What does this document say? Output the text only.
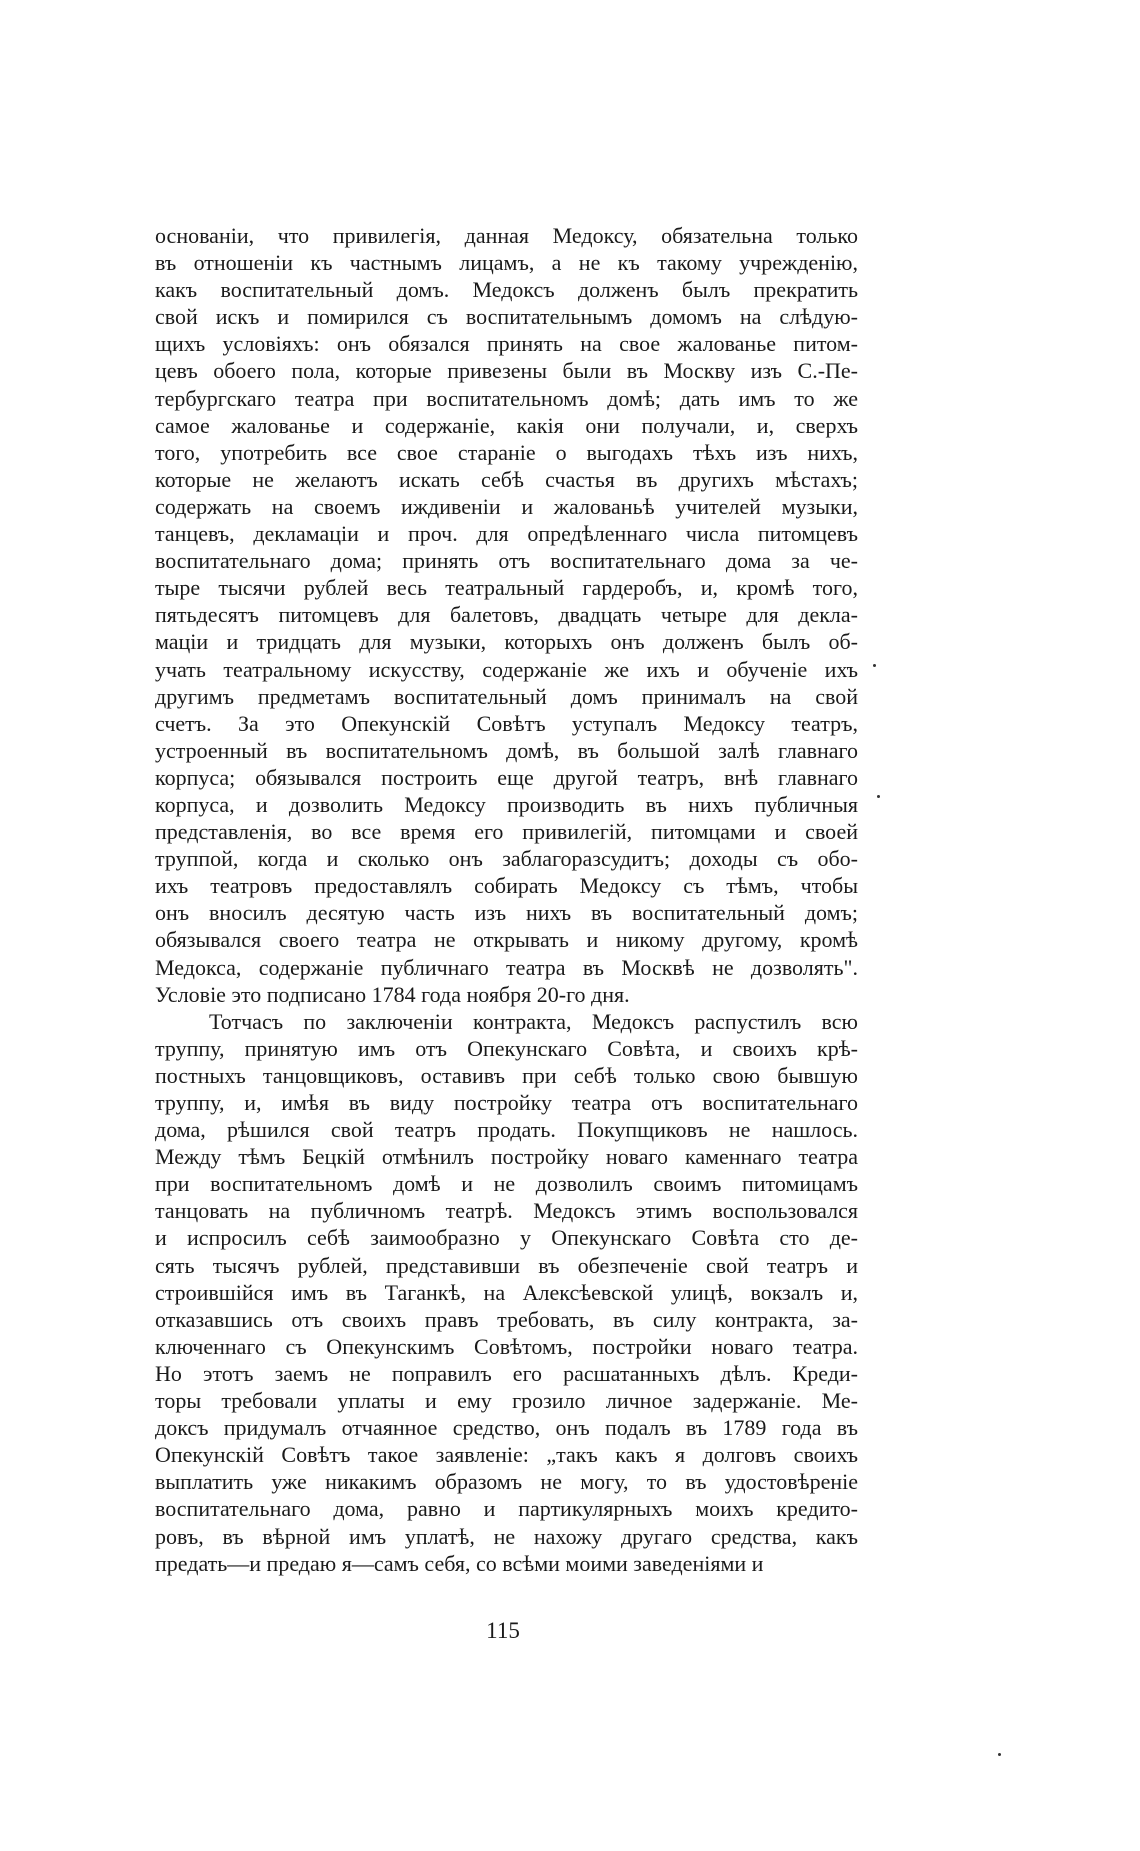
основаніи, что привилегія, данная Медоксу, обязательна только
въ отношеніи къ частнымъ лицамъ, а не къ такому учрежденію,
какъ воспитательный домъ. Медоксъ долженъ былъ прекратить
свой искъ и помирился съ воспитательнымъ домомъ на слѣдую-
щихъ условіяхъ: онъ обязался принять на свое жалованье питом-
цевъ обоего пола, которые привезены были въ Москву изъ С.-Пе-
тербургскаго театра при воспитательномъ домѣ; дать имъ то же
самое жалованье и содержаніе, какія они получали, и, сверхъ
того, употребить все свое стараніе о выгодахъ тѣхъ изъ нихъ,
которые не желаютъ искать себѣ счастья въ другихъ мѣстахъ;
содержать на своемъ иждивеніи и жалованьѣ учителей музыки,
танцевъ, декламаціи и проч. для опредѣленнаго числа питомцевъ
воспитательнаго дома; принять отъ воспитательнаго дома за че-
тыре тысячи рублей весь театральный гардеробъ, и, кромѣ того,
пятьдесятъ питомцевъ для балетовъ, двадцать четыре для декла-
маціи и тридцать для музыки, которыхъ онъ долженъ былъ об-
учать театральному искусству, содержаніе же ихъ и обученіе ихъ
другимъ предметамъ воспитательный домъ принималъ на свой
счетъ. За это Опекунскій Совѣтъ уступалъ Медоксу театръ,
устроенный въ воспитательномъ домѣ, въ большой залѣ главнаго
корпуса; обязывался построить еще другой театръ, внѣ главнаго
корпуса, и дозволить Медоксу производить въ нихъ публичныя
представленія, во все время его привилегій, питомцами и своей
труппой, когда и сколько онъ заблагоразсудитъ; доходы съ обо-
ихъ театровъ предоставлялъ собирать Медоксу съ тѣмъ, чтобы
онъ вносилъ десятую часть изъ нихъ въ воспитательный домъ;
обязывался своего театра не открывать и никому другому, кромѣ
Медокса, содержаніе публичнаго театра въ Москвѣ не дозволять".
Условіе это подписано 1784 года ноября 20-го дня.
Тотчасъ по заключеніи контракта, Медоксъ распустилъ всю
труппу, принятую имъ отъ Опекунскаго Совѣта, и своихъ крѣ-
постныхъ танцовщиковъ, оставивъ при себѣ только свою бывшую
труппу, и, имѣя въ виду постройку театра отъ воспитательнаго
дома, рѣшился свой театръ продать. Покупщиковъ не нашлось.
Между тѣмъ Бецкій отмѣнилъ постройку новаго каменнаго театра
при воспитательномъ домѣ и не дозволилъ своимъ питомицамъ
танцовать на публичномъ театрѣ. Медоксъ этимъ воспользовался
и испросилъ себѣ заимообразно у Опекунскаго Совѣта сто де-
сять тысячъ рублей, представивши въ обезпеченіе свой театръ и
строившійся имъ въ Таганкѣ, на Алексѣевской улицѣ, вокзалъ и,
отказавшись отъ своихъ правъ требовать, въ силу контракта, за-
ключеннаго съ Опекунскимъ Совѣтомъ, постройки новаго театра.
Но этотъ заемъ не поправилъ его расшатанныхъ дѣлъ. Креди-
торы требовали уплаты и ему грозило личное задержаніе. Ме-
доксъ придумалъ отчаянное средство, онъ подалъ въ 1789 года въ
Опекунскій Совѣтъ такое заявленіе: „такъ какъ я долговъ своихъ
выплатить уже никакимъ образомъ не могу, то въ удостовѣреніе
воспитательнаго дома, равно и партикулярныхъ моихъ кредито-
ровъ, въ вѣрной имъ уплатѣ, не нахожу другаго средства, какъ
предать—и предаю я—самъ себя, со всѣми моими заведеніями и
115
